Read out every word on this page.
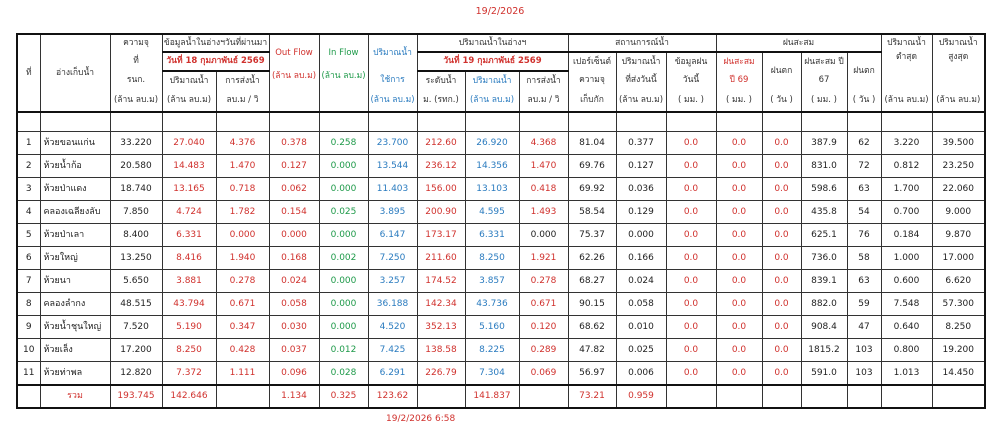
19/2/2026
ที่	อ่างเก็บน้ำ	ความจุ	ข้อมูลน้ำในอ่างฯวันที่ผ่านมา		Out Flow	In Flow	ปริมาณน้ำ	ปริมาณน้ำในอ่างฯ			สถานการณ์น้ำ			ฝนสะสม				ปริมาณน้ำ	ปริมาณน้ำ
		ที่	วันที่ 18 กุมภาพันธ์ 2569					วันที่ 19 กุมภาพันธ์ 2569			เปอร์เซ็นต์	ปริมาณน้ำ	ข้อมูลฝน	ฝนสะสม	ฝนตก	ฝนสะสม ปี	ฝนตก	ต่ำสุด	สูงสุด
		รนก.	ปริมาณน้ำ	การส่งน้ำ	(ล้าน ลบ.ม)	(ล้าน ลบ.ม)	ใช้การ	ระดับน้ำ	ปริมาณน้ำ	การส่งน้ำ	ความจุ	ที่ส่งวันนี้	วันนี้	ปี 69		67			
		(ล้าน ลบ.ม)	(ล้าน ลบ.ม)	ลบ.ม / วิ			(ล้าน ลบ.ม)	ม. (รทก.)	(ล้าน ลบ.ม)	ลบ.ม / วิ	เก็บกัก	(ล้าน ลบ.ม)	( มม. )	( มม. )	( วัน )	( มม. )	( วัน )	(ล้าน ลบ.ม)	(ล้าน ลบ.ม)

1	ห้วยขอนแก่น	33.220	27.040	4.376	0.378	0.258	23.700	212.60	26.920	4.368	81.04	0.377	0.0	0.0	0.0	387.9	62	3.220	39.500
2	ห้วยน้ำก้อ	20.580	14.483	1.470	0.127	0.000	13.544	236.12	14.356	1.470	69.76	0.127	0.0	0.0	0.0	831.0	72	0.812	23.250
3	ห้วยป่าแดง	18.740	13.165	0.718	0.062	0.000	11.403	156.00	13.103	0.418	69.92	0.036	0.0	0.0	0.0	598.6	63	1.700	22.060
4	คลองเฉลียงลับ	7.850	4.724	1.782	0.154	0.025	3.895	200.90	4.595	1.493	58.54	0.129	0.0	0.0	0.0	435.8	54	0.700	9.000
5	ห้วยป่าเลา	8.400	6.331	0.000	0.000	0.000	6.147	173.17	6.331	0.000	75.37	0.000	0.0	0.0	0.0	625.1	76	0.184	9.870
6	ห้วยใหญ่	13.250	8.416	1.940	0.168	0.002	7.250	211.60	8.250	1.921	62.26	0.166	0.0	0.0	0.0	736.0	58	1.000	17.000
7	ห้วยนา	5.650	3.881	0.278	0.024	0.000	3.257	174.52	3.857	0.278	68.27	0.024	0.0	0.0	0.0	839.1	63	0.600	6.620
8	คลองลำกง	48.515	43.794	0.671	0.058	0.000	36.188	142.34	43.736	0.671	90.15	0.058	0.0	0.0	0.0	882.0	59	7.548	57.300
9	ห้วยน้ำชุนใหญ่	7.520	5.190	0.347	0.030	0.000	4.520	352.13	5.160	0.120	68.62	0.010	0.0	0.0	0.0	908.4	47	0.640	8.250
10	ห้วยเล็ง	17.200	8.250	0.428	0.037	0.012	7.425	138.58	8.225	0.289	47.82	0.025	0.0	0.0	0.0	1815.2	103	0.800	19.200
11	ห้วยท่าพล	12.820	7.372	1.111	0.096	0.028	6.291	226.79	7.304	0.069	56.97	0.006	0.0	0.0	0.0	591.0	103	1.013	14.450
	รวม	193.745	142.646		1.134	0.325	123.62		141.837		73.21	0.959							
19/2/2026 6:58
